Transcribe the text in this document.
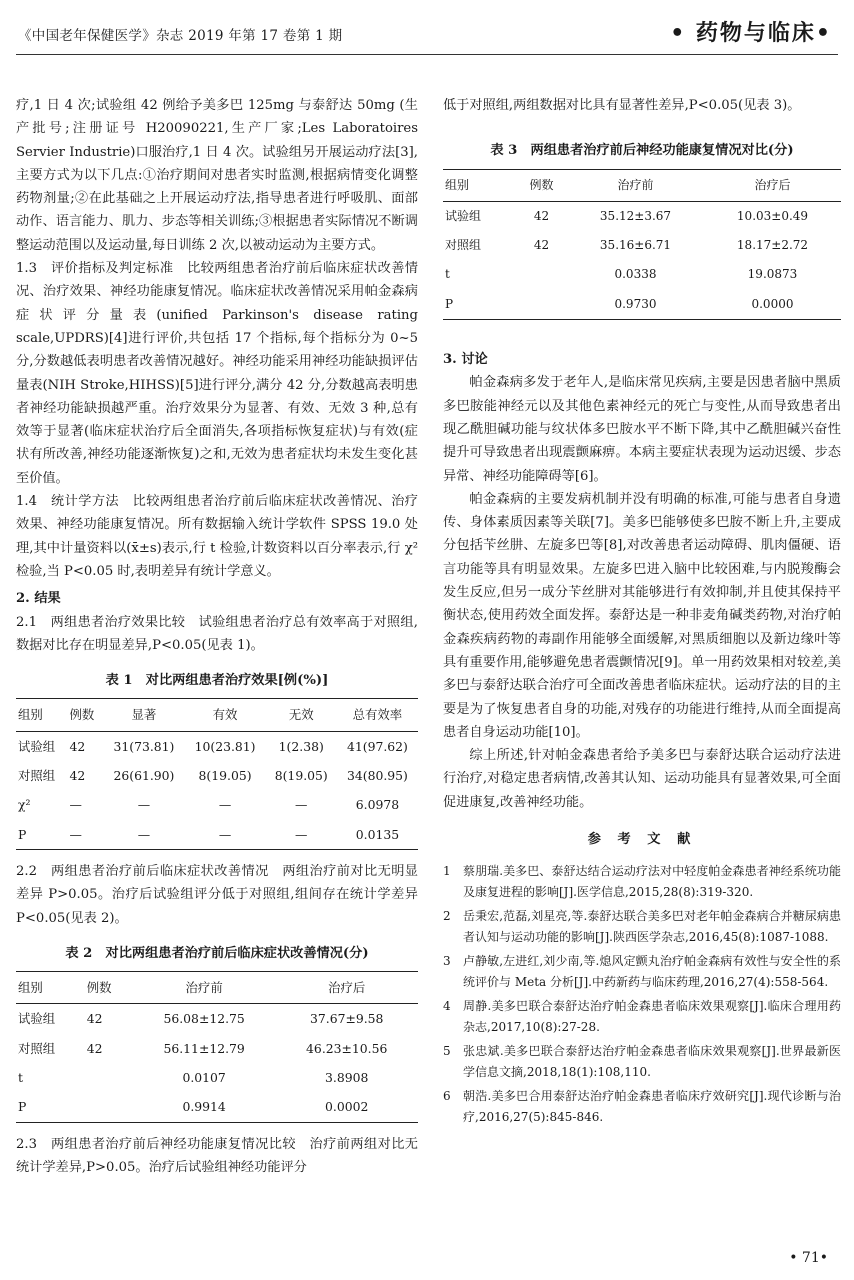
《中国老年保健医学》杂志 2019 年第 17 卷第 1 期	• 药物与临床•

疗,1 日 4 次;试验组 42 例给予美多巴 125mg 与泰舒达 50mg (生产批号;注册证号 H20090221,生产厂家;Les Laboratoires Servier Industrie)口服治疗,1 日 4 次。试验组另开展运动疗法[3],主要方式为以下几点:①治疗期间对患者实时监测,根据病情变化调整药物剂量;②在此基础之上开展运动疗法,指导患者进行呼吸肌、面部动作、语言能力、肌力、步态等相关训练;③根据患者实际情况不断调整运动范围以及运动量,每日训练 2 次,以被动运动为主要方式。

1.3　评价指标及判定标准　比较两组患者治疗前后临床症状改善情况、治疗效果、神经功能康复情况。临床症状改善情况采用帕金森病症状评分量表(unified Parkinson's disease rating scale,UPDRS)[4]进行评价,共包括 17 个指标,每个指标分为 0~5 分,分数越低表明患者改善情况越好。神经功能采用神经功能缺损评估量表(NIH Stroke,HIHSS)[5]进行评分,满分 42 分,分数越高表明患者神经功能缺损越严重。治疗效果分为显著、有效、无效 3 种,总有效等于显著(临床症状治疗后全面消失,各项指标恢复症状)与有效(症状有所改善,神经功能逐渐恢复)之和,无效为患者症状均未发生变化甚至价值。

1.4　统计学方法　比较两组患者治疗前后临床症状改善情况、治疗效果、神经功能康复情况。所有数据输入统计学软件 SPSS 19.0 处理,其中计量资料以(x̄±s)表示,行 t 检验,计数资料以百分率表示,行 χ² 检验,当 P<0.05 时,表明差异有统计学意义。

2. 结果

2.1　两组患者治疗效果比较　试验组患者治疗总有效率高于对照组,数据对比存在明显差异,P<0.05(见表 1)。

表 1　对比两组患者治疗效果[例(%)]
组别	例数	显著	有效	无效	总有效率
试验组	42	31(73.81)	10(23.81)	1(2.38)	41(97.62)
对照组	42	26(61.90)	8(19.05)	8(19.05)	34(80.95)
χ²	—	—	—	—	6.0978
P	—	—	—	—	0.0135

2.2　两组患者治疗前后临床症状改善情况　两组治疗前对比无明显差异 P>0.05。治疗后试验组评分低于对照组,组间存在统计学差异 P<0.05(见表 2)。

表 2　对比两组患者治疗前后临床症状改善情况(分)
组别	例数	治疗前	治疗后
试验组	42	56.08±12.75	37.67±9.58
对照组	42	56.11±12.79	46.23±10.56
t		0.0107	3.8908
P		0.9914	0.0002

2.3　两组患者治疗前后神经功能康复情况比较　治疗前两组对比无统计学差异,P>0.05。治疗后试验组神经功能评分

低于对照组,两组数据对比具有显著性差异,P<0.05(见表 3)。

表 3　两组患者治疗前后神经功能康复情况对比(分)
组别	例数	治疗前	治疗后
试验组	42	35.12±3.67	10.03±0.49
对照组	42	35.16±6.71	18.17±2.72
t		0.0338	19.0873
P		0.9730	0.0000

3. 讨论

帕金森病多发于老年人,是临床常见疾病,主要是因患者脑中黑质多巴胺能神经元以及其他色素神经元的死亡与变性,从而导致患者出现乙酰胆碱功能与纹状体多巴胺水平不断下降,其中乙酰胆碱兴奋性提升可导致患者出现震颤麻痹。本病主要症状表现为运动迟缓、步态异常、神经功能障碍等[6]。

帕金森病的主要发病机制并没有明确的标准,可能与患者自身遗传、身体素质因素等关联[7]。美多巴能够使多巴胺不断上升,主要成分包括苄丝肼、左旋多巴等[8],对改善患者运动障碍、肌肉僵硬、语言功能等具有明显效果。左旋多巴进入脑中比较困难,与内脱羧酶会发生反应,但另一成分苄丝肼对其能够进行有效抑制,并且使其保持平衡状态,使用药效全面发挥。泰舒达是一种非麦角碱类药物,对治疗帕金森疾病药物的毒副作用能够全面缓解,对黑质细胞以及新边缘叶等具有重要作用,能够避免患者震颤情况[9]。单一用药效果相对较差,美多巴与泰舒达联合治疗可全面改善患者临床症状。运动疗法的目的主要是为了恢复患者自身的功能,对残存的功能进行维持,从而全面提高患者自身运动功能[10]。

综上所述,针对帕金森患者给予美多巴与泰舒达联合运动疗法进行治疗,对稳定患者病情,改善其认知、运动功能具有显著效果,可全面促进康复,改善神经功能。

参 考 文 献
1	蔡朋瑞.美多巴、泰舒达结合运动疗法对中轻度帕金森患者神经系统功能及康复进程的影响[J].医学信息,2015,28(8):319-320.
2	岳秉宏,范磊,刘星亮,等.泰舒达联合美多巴对老年帕金森病合并糖尿病患者认知与运动功能的影响[J].陕西医学杂志,2016,45(8):1087-1088.
3	卢静敏,左进红,刘少南,等.熄风定颤丸治疗帕金森病有效性与安全性的系统评价与 Meta 分析[J].中药新药与临床药理,2016,27(4):558-564.
4	周静.美多巴联合泰舒达治疗帕金森患者临床效果观察[J].临床合理用药杂志,2017,10(8):27-28.
5	张忠斌.美多巴联合泰舒达治疗帕金森患者临床效果观察[J].世界最新医学信息文摘,2018,18(1):108,110.
6	朝浩.美多巴合用泰舒达治疗帕金森患者临床疗效研究[J].现代诊断与治疗,2016,27(5):845-846.
• 71•
